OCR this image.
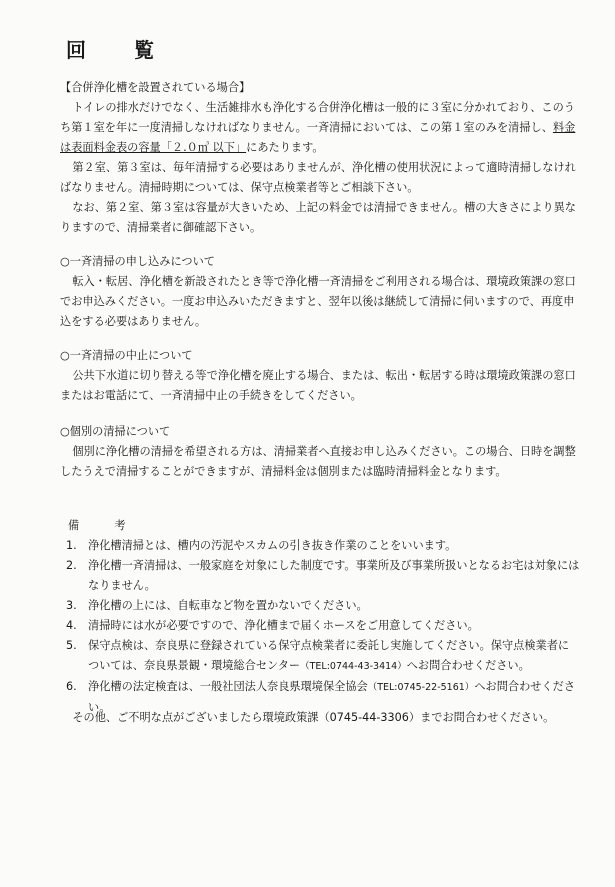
回　覧
【合併浄化槽を設置されている場合】
トイレの排水だけでなく、生活雑排水も浄化する合併浄化槽は一般的に３室に分かれており、このうち第１室を年に一度清掃しなければなりません。一斉清掃においては、この第１室のみを清掃し、料金は表面料金表の容量「２.０㎥ 以下」にあたります。
第２室、第３室は、毎年清掃する必要はありませんが、浄化槽の使用状況によって適時清掃しなければなりません。清掃時期については、保守点検業者等とご相談下さい。
なお、第２室、第３室は容量が大きいため、上記の料金では清掃できません。槽の大きさにより異なりますので、清掃業者に御確認下さい。
○一斉清掃の申し込みについて
転入・転居、浄化槽を新設されたとき等で浄化槽一斉清掃をご利用される場合は、環境政策課の窓口でお申込みください。一度お申込みいただきますと、翌年以後は継続して清掃に伺いますので、再度申込をする必要はありません。
○一斉清掃の中止について
公共下水道に切り替える等で浄化槽を廃止する場合、または、転出・転居する時は環境政策課の窓口またはお電話にて、一斉清掃中止の手続きをしてください。
○個別の清掃について
個別に浄化槽の清掃を希望される方は、清掃業者へ直接お申し込みください。この場合、日時を調整したうえで清掃することができますが、清掃料金は個別または臨時清掃料金となります。
備　考
1.	浄化槽清掃とは、槽内の汚泥やスカムの引き抜き作業のことをいいます。
2.	浄化槽一斉清掃は、一般家庭を対象にした制度です。事業所及び事業所扱いとなるお宅は対象にはなりません。
3.	浄化槽の上には、自転車など物を置かないでください。
4.	清掃時には水が必要ですので、浄化槽まで届くホースをご用意してください。
5.	保守点検は、奈良県に登録されている保守点検業者に委託し実施してください。保守点検業者については、奈良県景観・環境総合センター（TEL:0744-43-3414）へお問合わせください。
6.	浄化槽の法定検査は、一般社団法人奈良県環境保全協会（TEL:0745-22-5161）へお問合わせください。
その他、ご不明な点がございましたら環境政策課（0745-44-3306）までお問合わせください。
